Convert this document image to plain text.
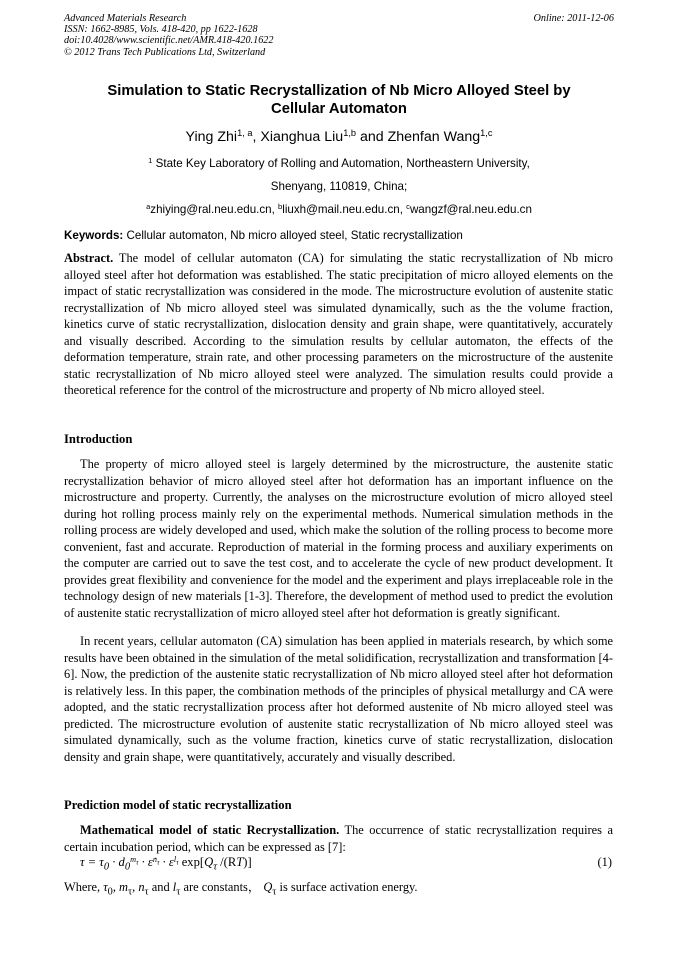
Advanced Materials Research
ISSN: 1662-8985, Vols. 418-420, pp 1622-1628
doi:10.4028/www.scientific.net/AMR.418-420.1622
© 2012 Trans Tech Publications Ltd, Switzerland
Online: 2011-12-06
Simulation to Static Recrystallization of Nb Micro Alloyed Steel by
Cellular Automaton
Ying Zhi$^{1, a}$, Xianghua Liu$^{1,b}$ and Zhenfan Wang$^{1,c}$
$^1$ State Key Laboratory of Rolling and Automation, Northeastern University,
Shenyang, 110819, China;
$^a$zhiying@ral.neu.edu.cn, $^b$liuxh@mail.neu.edu.cn, $^c$wangzf@ral.neu.edu.cn
Keywords: Cellular automaton, Nb micro alloyed steel, Static recrystallization
Abstract. The model of cellular automaton (CA) for simulating the static recrystallization of Nb micro alloyed steel after hot deformation was established. The static precipitation of micro alloyed elements on the impact of static recrystallization was considered in the mode. The microstructure evolution of austenite static recrystallization of Nb micro alloyed steel was simulated dynamically, such as the the volume fraction, kinetics curve of static recrystallization, dislocation density and grain shape, were quantitatively, accurately and visually described. According to the simulation results by cellular automaton, the effects of the deformation temperature, strain rate, and other processing parameters on the microstructure of the austenite static recrystallization of Nb micro alloyed steel were analyzed. The simulation results could provide a theoretical reference for the control of the microstructure and property of Nb micro alloyed steel.
Introduction
The property of micro alloyed steel is largely determined by the microstructure, the austenite static recrystallization behavior of micro alloyed steel after hot deformation has an important influence on the microstructure and property. Currently, the analyses on the microstructure evolution of micro alloyed steel during hot rolling process mainly rely on the experimental methods. Numerical simulation methods in the rolling process are widely developed and used, which make the solution of the rolling process to become more convenient, fast and accurate. Reproduction of material in the forming process and auxiliary experiments on the computer are carried out to save the test cost, and to accelerate the cycle of new product development. It provides great flexibility and convenience for the model and the experiment and plays irreplaceable role in the technology design of new materials [1-3]. Therefore, the development of method used to predict the evolution of austenite static recrystallization of micro alloyed steel after hot deformation is greatly significant.
In recent years, cellular automaton (CA) simulation has been applied in materials research, by which some results have been obtained in the simulation of the metal solidification, recrystallization and transformation [4-6]. Now, the prediction of the austenite static recrystallization of Nb micro alloyed steel after hot deformation is relatively less. In this paper, the combination methods of the principles of physical metallurgy and CA were adopted, and the static recrystallization process after hot deformed austenite of Nb micro alloyed steel was predicted. The microstructure evolution of austenite static recrystallization of Nb micro alloyed steel was simulated dynamically, such as the volume fraction, kinetics curve of static recrystallization, dislocation density and grain shape, were quantitatively, accurately and visually described.
Prediction model of static recrystallization
Mathematical model of static Recrystallization. The occurrence of static recrystallization requires a certain incubation period, which can be expressed as [7]:
$\tau = \tau_0 \cdot d_0^{m_\tau}$ · ε̇$^{n_\tau}$ · $\varepsilon^{l_\tau}$ $\exp[Q_\tau$ /(RT)]	(1)
Where, $\tau_0$, $m_\tau$, $n_\tau$ and $l_\tau$ are constants， $Q_\tau$ is surface activation energy.
